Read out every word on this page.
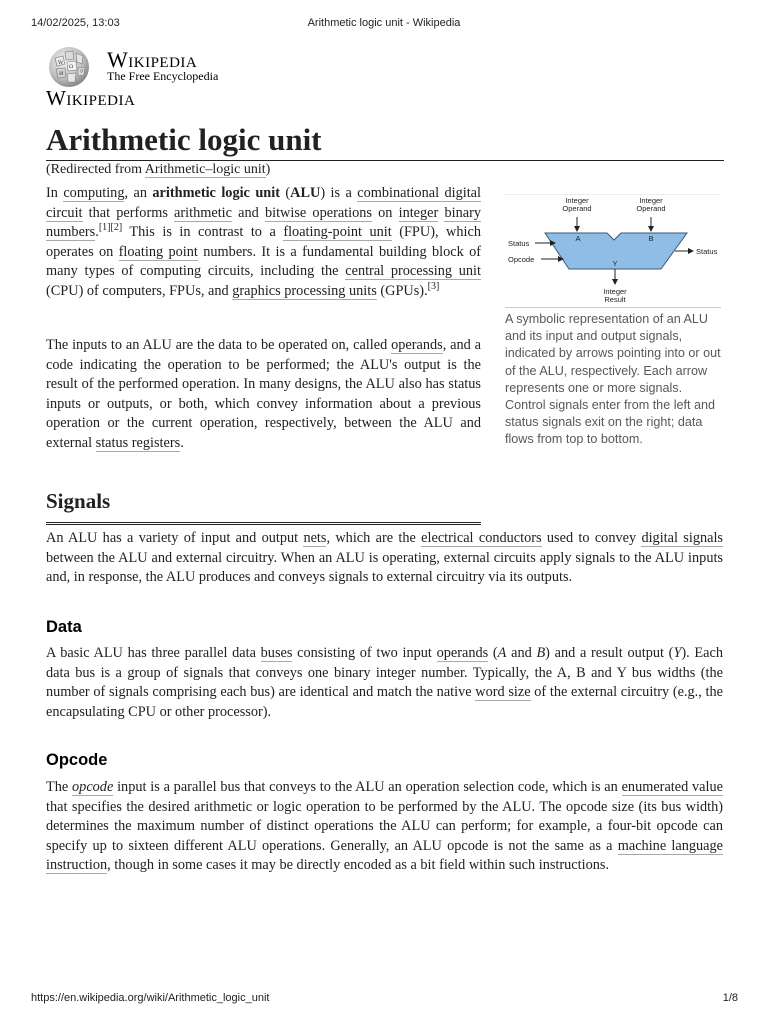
14/02/2025, 13:03	Arithmetic logic unit - Wikipedia
W
Ω
И	ウ Wikipedia
The Free Encyclopedia
Wikipedia
Arithmetic logic unit
(Redirected from Arithmetic–logic unit)

In computing, an arithmetic logic unit (ALU) is a combinational digital circuit that performs arithmetic and bitwise operations on integer binary numbers.[1][2] This is in contrast to a floating-point unit (FPU), which operates on floating point numbers. It is a fundamental building block of many types of computing circuits, including the central processing unit (CPU) of computers, FPUs, and graphics processing units (GPUs).[3]

The inputs to an ALU are the data to be operated on, called operands, and a code indicating the operation to be performed; the ALU's output is the result of the performed operation. In many designs, the ALU also has status inputs or outputs, or both, which convey information about a previous operation or the current operation, respectively, between the ALU and external status registers.

Integer Operand
Integer Operand
A	B
Y
Status
Opcode
Status
Integer Result
A symbolic representation of an ALU and its input and output signals, indicated by arrows pointing into or out of the ALU, respectively. Each arrow represents one or more signals. Control signals enter from the left and status signals exit on the right; data flows from top to bottom.
Signals

An ALU has a variety of input and output nets, which are the electrical conductors used to convey digital signals between the ALU and external circuitry. When an ALU is operating, external circuits apply signals to the ALU inputs and, in response, the ALU produces and conveys signals to external circuitry via its outputs.

Data

A basic ALU has three parallel data buses consisting of two input operands (A and B) and a result output (Y). Each data bus is a group of signals that conveys one binary integer number. Typically, the A, B and Y bus widths (the number of signals comprising each bus) are identical and match the native word size of the external circuitry (e.g., the encapsulating CPU or other processor).

Opcode

The opcode input is a parallel bus that conveys to the ALU an operation selection code, which is an enumerated value that specifies the desired arithmetic or logic operation to be performed by the ALU. The opcode size (its bus width) determines the maximum number of distinct operations the ALU can perform; for example, a four-bit opcode can specify up to sixteen different ALU operations. Generally, an ALU opcode is not the same as a machine language instruction, though in some cases it may be directly encoded as a bit field within such instructions.

https://en.wikipedia.org/wiki/Arithmetic_logic_unit	1/8
